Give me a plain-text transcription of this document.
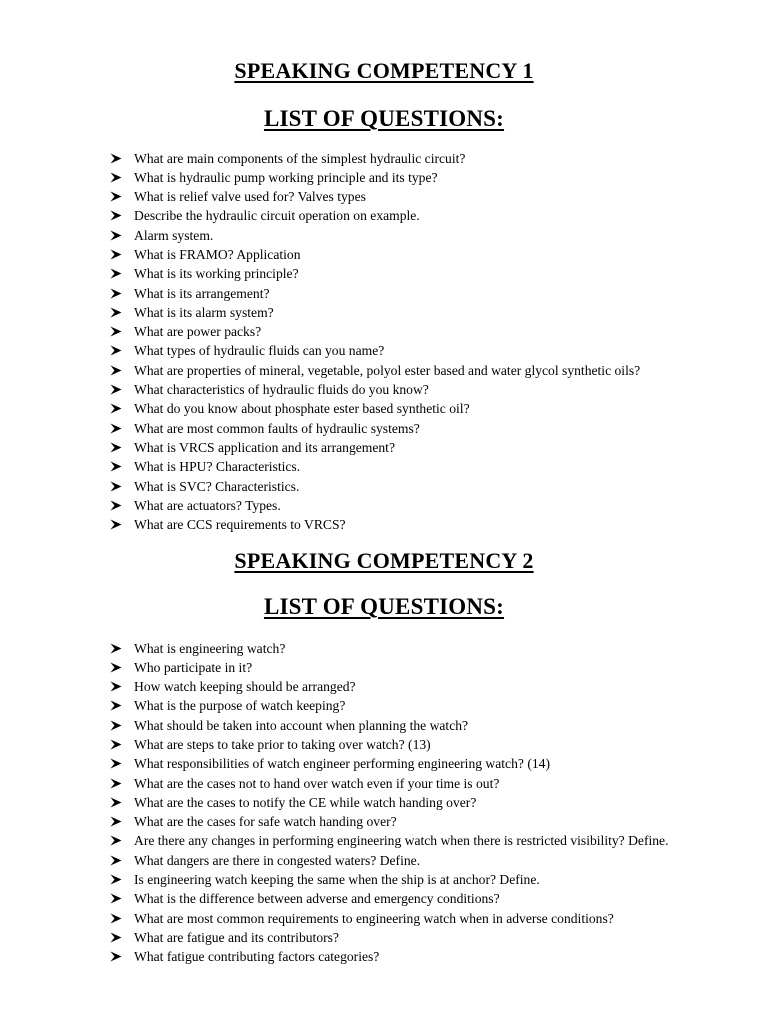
SPEAKING COMPETENCY 1
LIST OF QUESTIONS:
What are main components of the simplest hydraulic circuit?
What is hydraulic pump working principle and its type?
What is relief valve used for? Valves types
Describe the hydraulic circuit operation on example.
Alarm system.
What is FRAMO? Application
What is its working principle?
What is its arrangement?
What is its alarm system?
What are power packs?
What types of hydraulic fluids can you name?
What are properties of mineral, vegetable, polyol ester based and water glycol synthetic oils?
What characteristics of hydraulic fluids do you know?
What do you know about phosphate ester based synthetic oil?
What are most common faults of hydraulic systems?
What is VRCS application and its arrangement?
What is HPU? Characteristics.
What is SVC? Characteristics.
What are actuators? Types.
What are CCS requirements to VRCS?
SPEAKING COMPETENCY 2
LIST OF QUESTIONS:
What is engineering watch?
Who participate in it?
How watch keeping should be arranged?
What is the purpose of watch keeping?
What should be taken into account when planning the watch?
What are steps to take prior to taking over watch? (13)
What responsibilities of watch engineer performing engineering watch? (14)
What are the cases not to hand over watch even if your time is out?
What are the cases to notify the CE while watch handing over?
What are the cases for safe watch handing over?
Are there any changes in performing engineering watch when there is restricted visibility? Define.
What dangers are there in congested waters? Define.
Is engineering watch keeping the same when the ship is at anchor? Define.
What is the difference between adverse and emergency conditions?
What are most common requirements to engineering watch when in adverse conditions?
What are fatigue and its contributors?
What fatigue contributing factors categories?
